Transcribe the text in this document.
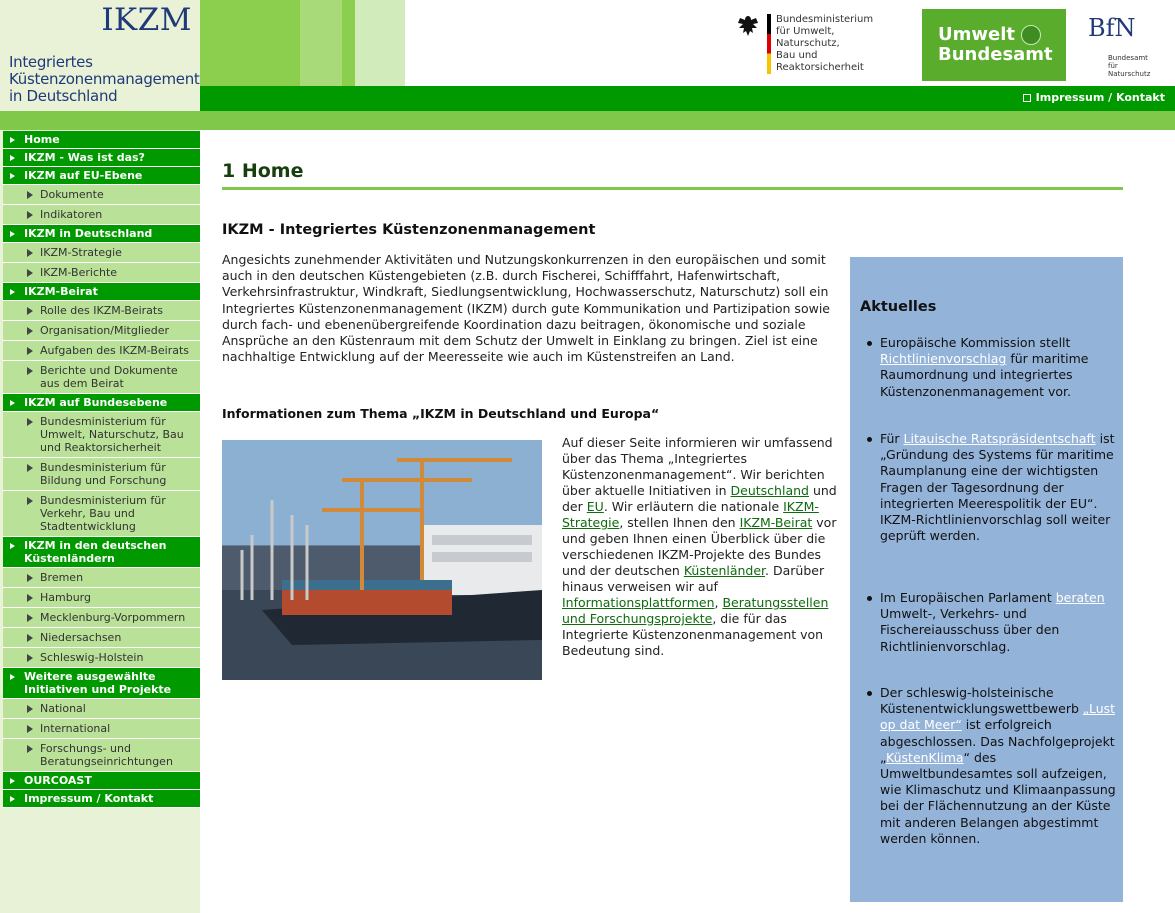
IKZM
Integriertes
Küstenzonenmanagement
in Deutschland
Bundesministerium
für Umwelt, Naturschutz,
Bau und Reaktorsicherheit
Umwelt
Bundesamt
BfN
Bundesamt
für Naturschutz
Impressum / Kontakt
Home
IKZM - Was ist das?
IKZM auf EU-Ebene
Dokumente
Indikatoren
IKZM in Deutschland
IKZM-Strategie
IKZM-Berichte
IKZM-Beirat
Rolle des IKZM-Beirats
Organisation/Mitglieder
Aufgaben des IKZM-Beirats
Berichte und Dokumente aus dem Beirat
IKZM auf Bundesebene
Bundesministerium für Umwelt, Naturschutz, Bau und Reaktorsicherheit
Bundesministerium für Bildung und Forschung
Bundesministerium für Verkehr, Bau und Stadtentwicklung
IKZM in den deutschen Küstenländern
Bremen
Hamburg
Mecklenburg-Vorpommern
Niedersachsen
Schleswig-Holstein
Weitere ausgewählte Initiativen und Projekte
National
International
Forschungs- und Beratungseinrichtungen
OURCOAST
Impressum / Kontakt
1 Home
IKZM - Integriertes Küstenzonenmanagement
Angesichts zunehmender Aktivitäten und Nutzungskonkurrenzen in den europäischen und somit auch in den deutschen Küstengebieten (z.B. durch Fischerei, Schifffahrt, Hafenwirtschaft, Verkehrsinfrastruktur, Windkraft, Siedlungsentwicklung, Hochwasserschutz, Naturschutz) soll ein Integriertes Küstenzonenmanagement (IKZM) durch gute Kommunikation und Partizipation sowie durch fach- und ebenenübergreifende Koordination dazu beitragen, ökonomische und soziale Ansprüche an den Küstenraum mit dem Schutz der Umwelt in Einklang zu bringen. Ziel ist eine nachhaltige Entwicklung auf der Meeresseite wie auch im Küstenstreifen an Land.
Informationen zum Thema „IKZM in Deutschland und Europa“
Auf dieser Seite informieren wir umfassend über das Thema „Integriertes Küstenzonenmanagement“. Wir berichten über aktuelle Initiativen in Deutschland und der EU. Wir erläutern die nationale IKZM-Strategie, stellen Ihnen den IKZM-Beirat vor und geben Ihnen einen Überblick über die verschiedenen IKZM-Projekte des Bundes und der deutschen Küstenländer. Darüber hinaus verweisen wir auf Informationsplattformen, Beratungsstellen und Forschungsprojekte, die für das Integrierte Küstenzonenmanagement von Bedeutung sind.
Aktuelles
Europäische Kommission stellt Richtlinienvorschlag für maritime Raumordnung und integriertes Küstenzonenmanagement vor.
Für Litauische Ratspräsidentschaft ist „Gründung des Systems für maritime Raumplanung eine der wichtigsten Fragen der Tagesordnung der integrierten Meerespolitik der EU“. IKZM-Richtlinienvorschlag soll weiter geprüft werden.
Im Europäischen Parlament beraten Umwelt-, Verkehrs- und Fischereiausschuss über den Richtlinienvorschlag.
Der schleswig-holsteinische Küstenentwicklungswettbewerb „Lust op dat Meer“ ist erfolgreich abgeschlossen. Das Nachfolgeprojekt „KüstenKlima“ des Umweltbundesamtes soll aufzeigen, wie Klimaschutz und Klimaanpassung bei der Flächennutzung an der Küste mit anderen Belangen abgestimmt werden können.
